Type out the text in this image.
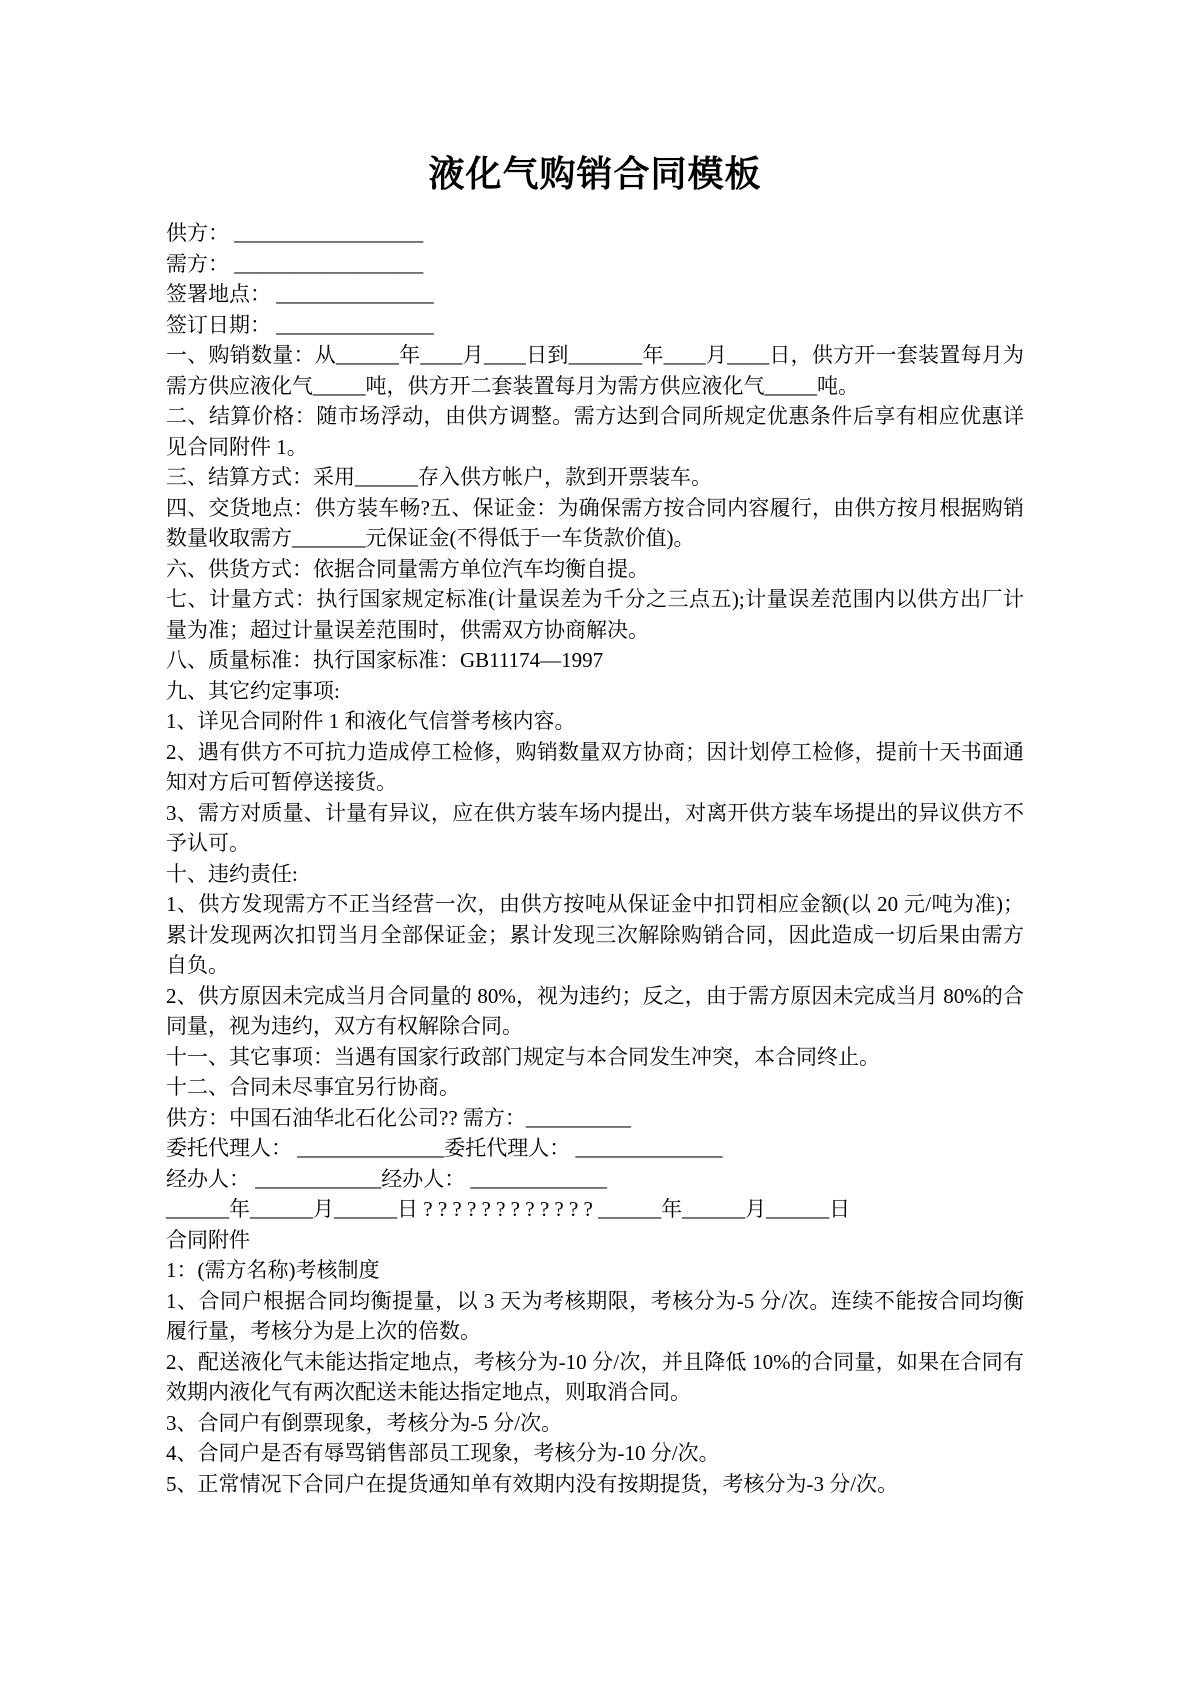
液化气购销合同模板

供方： __________________

需方： __________________

签署地点： _______________

签订日期： _______________

一、购销数量：从______年____月____日到_______年____月____日，供方开一套装置每月为需方供应液化气_____吨，供方开二套装置每月为需方供应液化气_____吨。

二、结算价格：随市场浮动，由供方调整。需方达到合同所规定优惠条件后享有相应优惠详见合同附件 1。

三、结算方式：采用______存入供方帐户，款到开票装车。

四、交货地点：供方装车畅?五、保证金：为确保需方按合同内容履行，由供方按月根据购销数量收取需方_______元保证金(不得低于一车货款价值)。

六、供货方式：依据合同量需方单位汽车均衡自提。

七、计量方式：执行国家规定标准(计量误差为千分之三点五);计量误差范围内以供方出厂计量为准；超过计量误差范围时，供需双方协商解决。

八、质量标准：执行国家标准：GB11174—1997

九、其它约定事项:

1、详见合同附件 1 和液化气信誉考核内容。

2、遇有供方不可抗力造成停工检修，购销数量双方协商；因计划停工检修，提前十天书面通知对方后可暂停送接货。

3、需方对质量、计量有异议，应在供方装车场内提出，对离开供方装车场提出的异议供方不予认可。

十、违约责任:

1、供方发现需方不正当经营一次，由供方按吨从保证金中扣罚相应金额(以 20 元/吨为准)；累计发现两次扣罚当月全部保证金；累计发现三次解除购销合同，因此造成一切后果由需方自负。

2、供方原因未完成当月合同量的 80%，视为违约；反之，由于需方原因未完成当月 80%的合同量，视为违约，双方有权解除合同。

十一、其它事项：当遇有国家行政部门规定与本合同发生冲突，本合同终止。

十二、合同未尽事宜另行协商。

供方：中国石油华北石化公司?? 需方：__________

委托代理人： ______________委托代理人： ______________

经办人： ____________经办人： _____________

______年______月______日 ? ? ? ? ? ? ? ? ? ? ? ? ______年______月______日

合同附件

1：(需方名称)考核制度

1、合同户根据合同均衡提量，以 3 天为考核期限，考核分为-5 分/次。连续不能按合同均衡履行量，考核分为是上次的倍数。

2、配送液化气未能达指定地点，考核分为-10 分/次，并且降低 10%的合同量，如果在合同有效期内液化气有两次配送未能达指定地点，则取消合同。

3、合同户有倒票现象，考核分为-5 分/次。

4、合同户是否有辱骂销售部员工现象，考核分为-10 分/次。

5、正常情况下合同户在提货通知单有效期内没有按期提货，考核分为-3 分/次。
